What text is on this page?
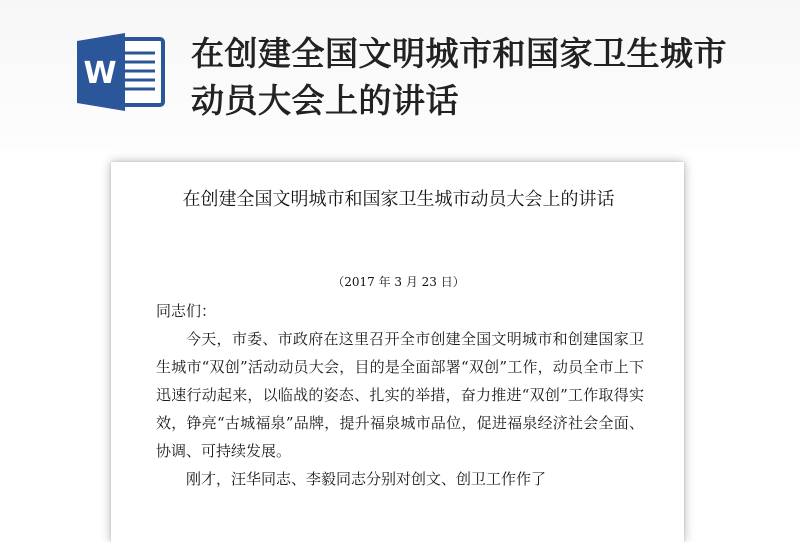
W
在创建全国文明城市和国家卫生城市动员大会上的讲话
在创建全国文明城市和国家卫生城市动员大会上的讲话
（2017 年 3 月 23 日）

同志们：

今天，市委、市政府在这里召开全市创建全国文明城市和创建国家卫生城市“双创”活动动员大会，目的是全面部署“双创”工作，动员全市上下迅速行动起来，以临战的姿态、扎实的举措，奋力推进“双创”工作取得实效，铮亮“古城福泉”品牌，提升福泉城市品位，促进福泉经济社会全面、协调、可持续发展。

刚才，汪华同志、李毅同志分别对创文、创卫工作作了
